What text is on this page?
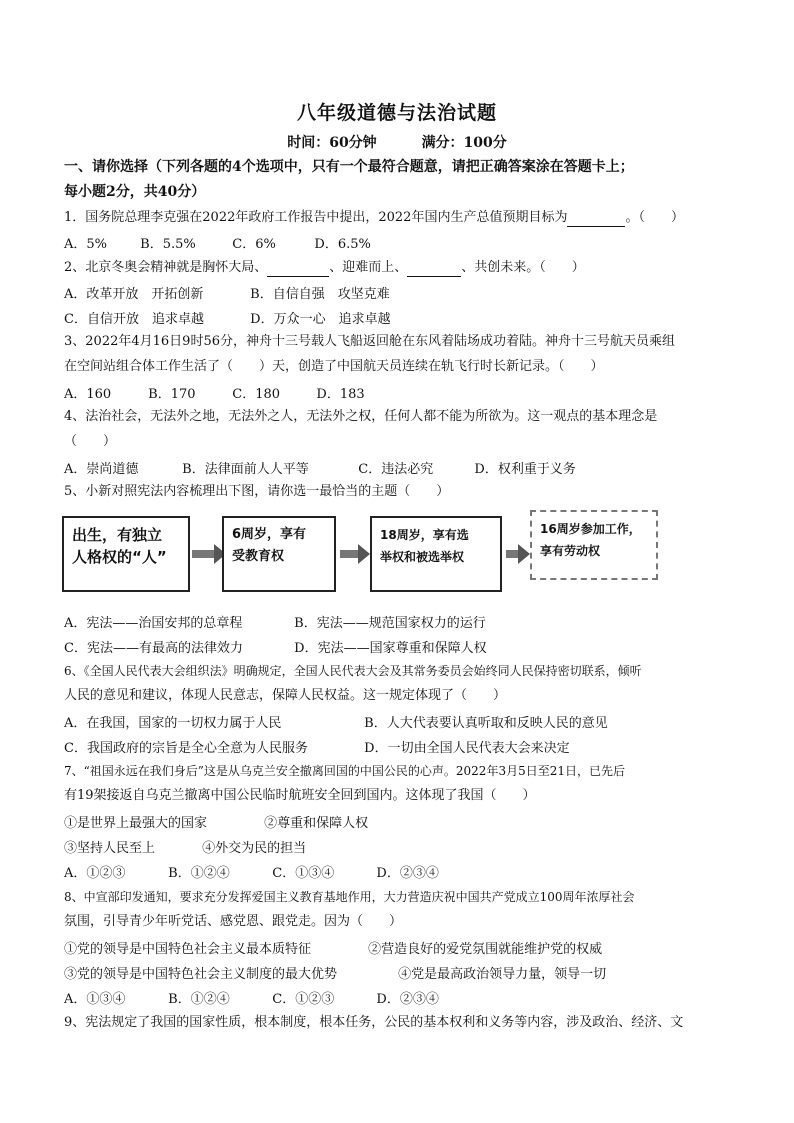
八年级道德与法治试题
时间：60分钟	满分：100分
一、请你选择（下列各题的4个选项中，只有一个最符合题意，请把正确答案涂在答题卡上；
每小题2分，共40分）
1．国务院总理李克强在2022年政府工作报告中提出，2022年国内生产总值预期目标为	。（　　）
A．5%	B．5.5%	C．6%	D．6.5%
2、北京冬奥会精神就是胸怀大局、	、迎难而上、	、共创未来。（　　）
A．改革开放　开拓创新	B．自信自强　攻坚克难
C．自信开放　追求卓越	D．万众一心　追求卓越
3、2022年4月16日9时56分，神舟十三号载人飞船返回舱在东风着陆场成功着陆。神舟十三号航天员乘组
在空间站组合体工作生活了（　　）天，创造了中国航天员连续在轨飞行时长新记录。（　　）
A．160	B．170	C．180	D．183
4、法治社会，无法外之地，无法外之人，无法外之权，任何人都不能为所欲为。这一观点的基本理念是
（　　）
A．崇尚道德	B．法律面前人人平等	C．违法必究	D．权利重于义务
5、小新对照宪法内容梳理出下图，请你选一最恰当的主题（　　）
出生，有独立
人格权的“人”
6周岁，享有
受教育权
18周岁，享有选
举权和被选举权
16周岁参加工作，
享有劳动权
A．宪法——治国安邦的总章程	B．宪法——规范国家权力的运行
C．宪法——有最高的法律效力	D．宪法——国家尊重和保障人权
6、《全国人民代表大会组织法》明确规定，全国人民代表大会及其常务委员会始终同人民保持密切联系，倾听
人民的意见和建议，体现人民意志，保障人民权益。这一规定体现了（　　）
A．在我国，国家的一切权力属于人民	B．人大代表要认真听取和反映人民的意见
C．我国政府的宗旨是全心全意为人民服务	D．一切由全国人民代表大会来决定
7、“祖国永远在我们身后”这是从乌克兰安全撤离回国的中国公民的心声。2022年3月5日至21日，已先后
有19架接返自乌克兰撤离中国公民临时航班安全回到国内。这体现了我国（　　）
①是世界上最强大的国家	②尊重和保障人权
③坚持人民至上	④外交为民的担当
A．①②③	B．①②④	C．①③④	D．②③④
8、中宣部印发通知，要求充分发挥爱国主义教育基地作用，大力营造庆祝中国共产党成立100周年浓厚社会
氛围，引导青少年听党话、感党恩、跟党走。因为（　　）
①党的领导是中国特色社会主义最本质特征	②营造良好的爱党氛围就能维护党的权威
③党的领导是中国特色社会主义制度的最大优势	④党是最高政治领导力量，领导一切
A．①③④	B．①②④	C．①②③	D．②③④
9、宪法规定了我国的国家性质，根本制度，根本任务，公民的基本权利和义务等内容，涉及政治、经济、文
